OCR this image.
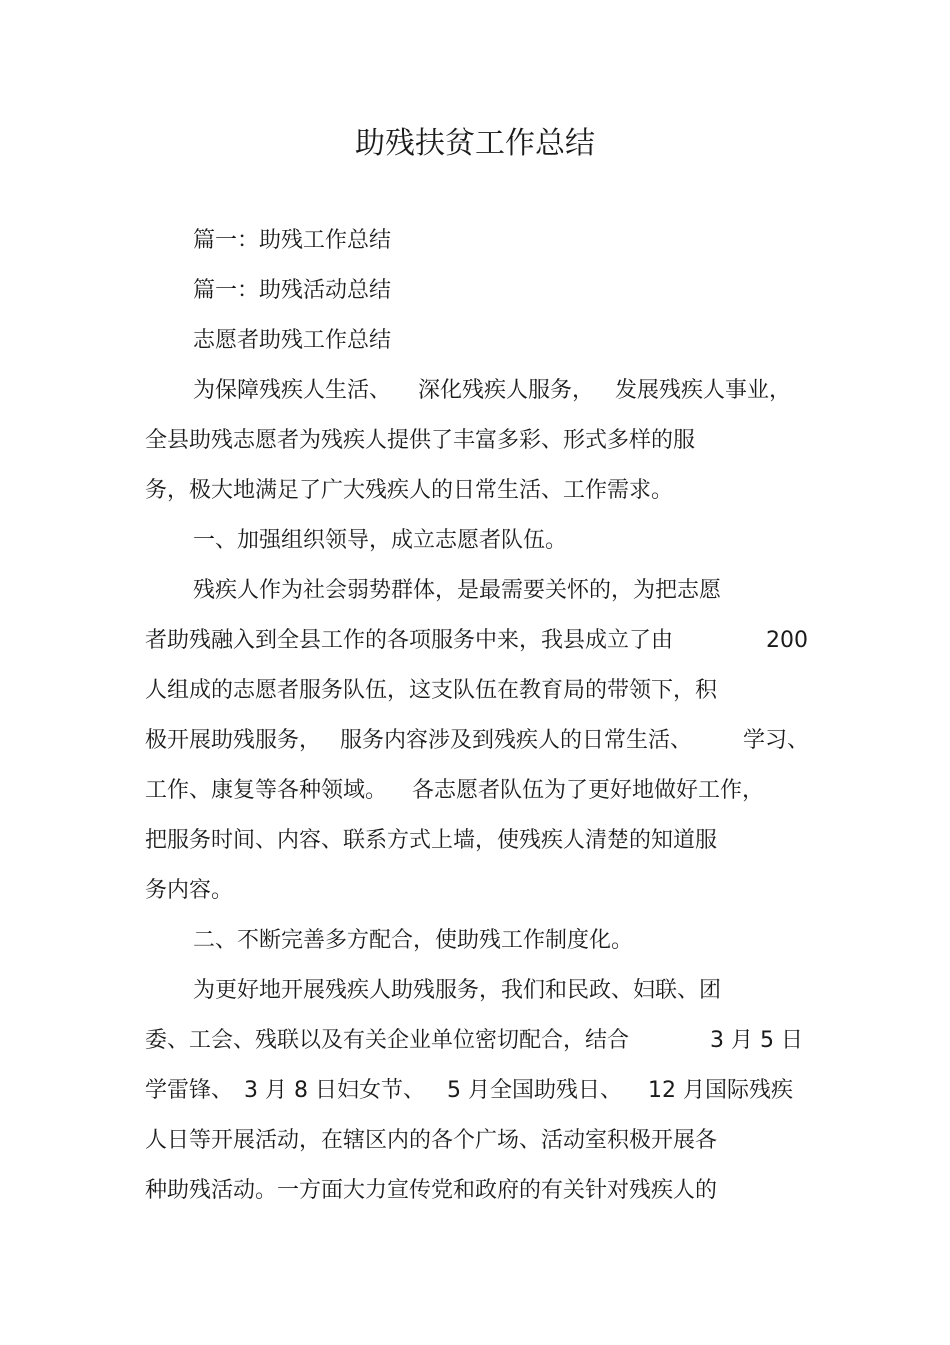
助残扶贫工作总结
篇一：助残工作总结
篇一：助残活动总结
志愿者助残工作总结
为保障残疾人生活、 深化残疾人服务， 发展残疾人事业，
全县助残志愿者为残疾人提供了丰富多彩、形式多样的服
务，极大地满足了广大残疾人的日常生活、工作需求。
一、加强组织领导，成立志愿者队伍。
残疾人作为社会弱势群体，是最需要关怀的，为把志愿
者助残融入到全县工作的各项服务中来，我县成立了由	200
人组成的志愿者服务队伍，这支队伍在教育局的带领下，积
极开展助残服务， 服务内容涉及到残疾人的日常生活、 学习、
工作、康复等各种领域。 各志愿者队伍为了更好地做好工作，
把服务时间、内容、联系方式上墙，使残疾人清楚的知道服
务内容。
二、不断完善多方配合，使助残工作制度化。
为更好地开展残疾人助残服务，我们和民政、妇联、团
委、工会、残联以及有关企业单位密切配合，结合	3 月 5 日
学雷锋、 3 月 8 日妇女节、 5 月全国助残日、 12 月国际残疾
人日等开展活动，在辖区内的各个广场、活动室积极开展各
种助残活动。一方面大力宣传党和政府的有关针对残疾人的
